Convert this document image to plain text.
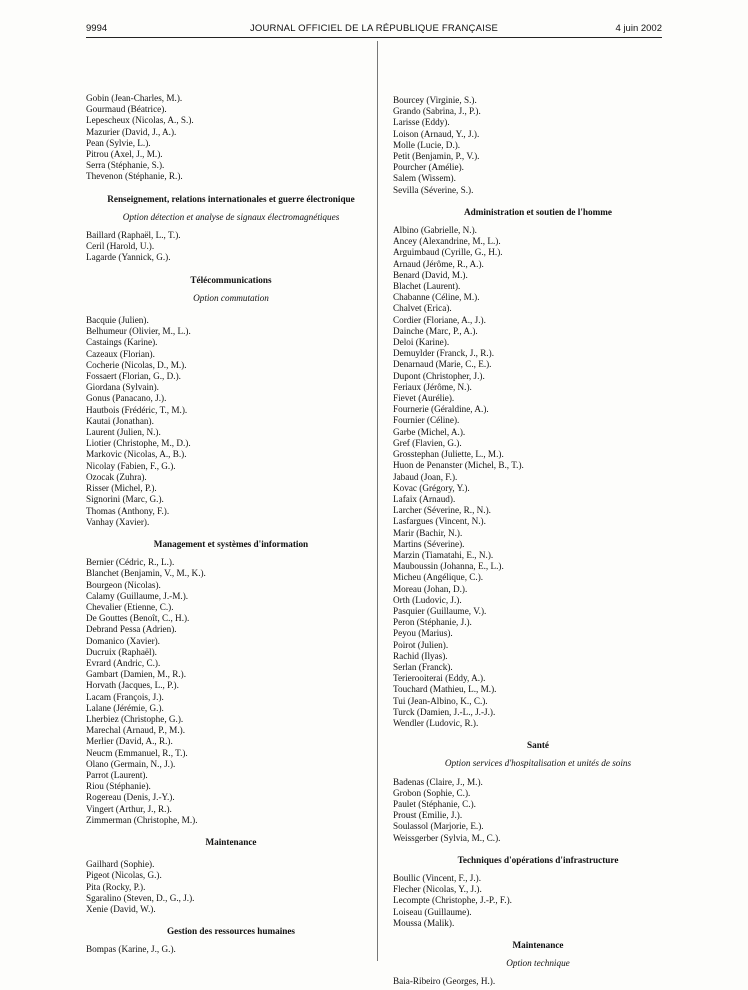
9994	JOURNAL OFFICIEL DE LA RÉPUBLIQUE FRANÇAISE	4 juin 2002
Gobin (Jean-Charles, M.).
Gourmaud (Béatrice).
Lepescheux (Nicolas, A., S.).
Mazurier (David, J., A.).
Pean (Sylvie, L.).
Pitrou (Axel, J., M.).
Serra (Stéphanie, S.).
Thevenon (Stéphanie, R.).
Renseignement, relations internationales et guerre électronique
Option détection et analyse de signaux électromagnétiques
Baillard (Raphaël, L., T.).
Ceril (Harold, U.).
Lagarde (Yannick, G.).
Télécommunications
Option commutation
Bacquie (Julien).
Belhumeur (Olivier, M., L.).
Castaings (Karine).
Cazeaux (Florian).
Cocherie (Nicolas, D., M.).
Fossaert (Florian, G., D.).
Giordana (Sylvain).
Gonus (Panacano, J.).
Hautbois (Frédéric, T., M.).
Kautai (Jonathan).
Laurent (Julien, N.).
Liotier (Christophe, M., D.).
Markovic (Nicolas, A., B.).
Nicolay (Fabien, F., G.).
Ozocak (Zuhra).
Risser (Michel, P.).
Signorini (Marc, G.).
Thomas (Anthony, F.).
Vanhay (Xavier).
Management et systèmes d'information
Bernier (Cédric, R., L.).
Blanchet (Benjamin, V., M., K.).
Bourgeon (Nicolas).
Calamy (Guillaume, J.-M.).
Chevalier (Etienne, C.).
De Gouttes (Benoît, C., H.).
Debrand Pessa (Adrien).
Domanico (Xavier).
Ducruix (Raphaël).
Evrard (Andric, C.).
Gambart (Damien, M., R.).
Horvath (Jacques, L., P.).
Lacam (François, J.).
Lalane (Jérémie, G.).
Lherbiez (Christophe, G.).
Marechal (Arnaud, P., M.).
Merlier (David, A., R.).
Neucm (Emmanuel, R., T.).
Olano (Germain, N., J.).
Parrot (Laurent).
Riou (Stéphanie).
Rogereau (Denis, J.-Y.).
Vingert (Arthur, J., R.).
Zimmerman (Christophe, M.).
Maintenance
Gailhard (Sophie).
Pigeot (Nicolas, G.).
Pita (Rocky, P.).
Sgaralino (Steven, D., G., J.).
Xenie (David, W.).
Gestion des ressources humaines
Bompas (Karine, J., G.).
Bourcey (Virginie, S.).
Grando (Sabrina, J., P.).
Larisse (Eddy).
Loison (Arnaud, Y., J.).
Molle (Lucie, D.).
Petit (Benjamin, P., V.).
Pourcher (Amélie).
Salem (Wissem).
Sevilla (Séverine, S.).
Administration et soutien de l'homme
Albino (Gabrielle, N.).
Ancey (Alexandrine, M., L.).
Arguimbaud (Cyrille, G., H.).
Arnaud (Jérôme, R., A.).
Benard (David, M.).
Blachet (Laurent).
Chabanne (Céline, M.).
Chalvet (Erica).
Cordier (Floriane, A., J.).
Dainche (Marc, P., A.).
Deloi (Karine).
Demuylder (Franck, J., R.).
Denarnaud (Marie, C., E.).
Dupont (Christopher, J.).
Feriaux (Jérôme, N.).
Fievet (Aurélie).
Fournerie (Géraldine, A.).
Fournier (Céline).
Garbe (Michel, A.).
Gref (Flavien, G.).
Grosstephan (Juliette, L., M.).
Huon de Penanster (Michel, B., T.).
Jabaud (Joan, F.).
Kovac (Grégory, Y.).
Lafaix (Arnaud).
Larcher (Séverine, R., N.).
Lasfargues (Vincent, N.).
Marir (Bachir, N.).
Martins (Séverine).
Marzin (Tiamatahi, E., N.).
Mauboussin (Johanna, E., L.).
Micheu (Angélique, C.).
Moreau (Johan, D.).
Orth (Ludovic, J.).
Pasquier (Guillaume, V.).
Peron (Stéphanie, J.).
Peyou (Marius).
Poirot (Julien).
Rachid (Ilyas).
Serlan (Franck).
Terierooiterai (Eddy, A.).
Touchard (Mathieu, L., M.).
Tui (Jean-Albino, K., C.).
Turck (Damien, J.-L., J.-J.).
Wendler (Ludovic, R.).
Santé
Option services d'hospitalisation et unités de soins
Badenas (Claire, J., M.).
Grobon (Sophie, C.).
Paulet (Stéphanie, C.).
Proust (Emilie, J.).
Soulassol (Marjorie, E.).
Weissgerber (Sylvia, M., C.).
Techniques d'opérations d'infrastructure
Boullic (Vincent, F., J.).
Flecher (Nicolas, Y., J.).
Lecompte (Christophe, J.-P., F.).
Loiseau (Guillaume).
Moussa (Malik).
Maintenance
Option technique
Baia-Ribeiro (Georges, H.).
